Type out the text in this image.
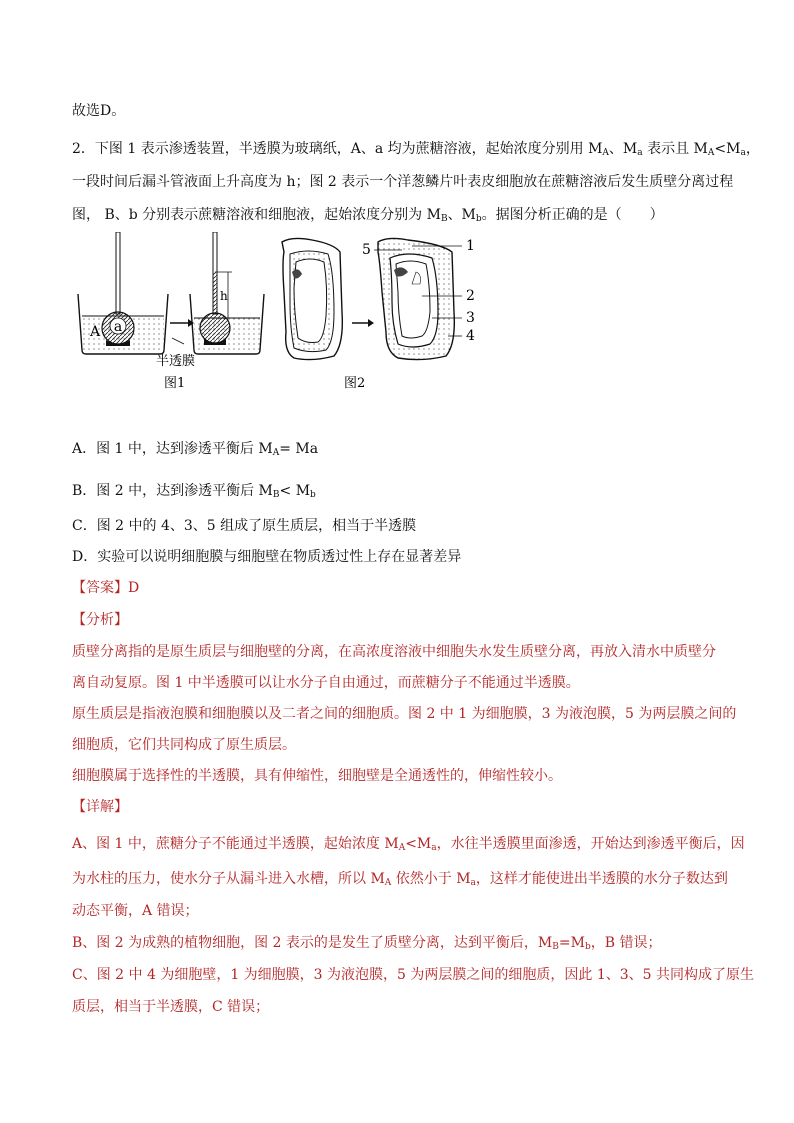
故选D。
2．下图 1 表示渗透装置，半透膜为玻璃纸，A、a 均为蔗糖溶液，起始浓度分别用 $M_A$、$M_a$ 表示且 $M_A<M_a$，
一段时间后漏斗管液面上升高度为 h；图 2 表示一个洋葱鳞片叶表皮细胞放在蔗糖溶液后发生质壁分离过程
图， B、b 分别表示蔗糖溶液和细胞液，起始浓度分别为 $M_B$、$M_b$。据图分析正确的是（　　）
a
A
h
半透膜
图1
5	1
2
3
4
图2
A．图 1 中，达到渗透平衡后 $M_A= Ma$
B．图 2 中，达到渗透平衡后 $M_B< M_b$
C．图 2 中的 4、3、5 组成了原生质层，相当于半透膜
D．实验可以说明细胞膜与细胞壁在物质透过性上存在显著差异
【答案】D
【分析】
质壁分离指的是原生质层与细胞壁的分离，在高浓度溶液中细胞失水发生质壁分离，再放入清水中质壁分
离自动复原。图 1 中半透膜可以让水分子自由通过，而蔗糖分子不能通过半透膜。
原生质层是指液泡膜和细胞膜以及二者之间的细胞质。图 2 中 1 为细胞膜，3 为液泡膜，5 为两层膜之间的
细胞质，它们共同构成了原生质层。
细胞膜属于选择性的半透膜，具有伸缩性，细胞壁是全通透性的，伸缩性较小。
【详解】
A、图 1 中，蔗糖分子不能通过半透膜，起始浓度 $M_A<M_a$，水往半透膜里面渗透，开始达到渗透平衡后，因
为水柱的压力，使水分子从漏斗进入水槽，所以 $M_A$ 依然小于 $M_a$，这样才能使进出半透膜的水分子数达到
动态平衡，A 错误；
B、图 2 为成熟的植物细胞，图 2 表示的是发生了质壁分离，达到平衡后，$M_B=M_b$，B 错误；
C、图 2 中 4 为细胞壁，1 为细胞膜，3 为液泡膜，5 为两层膜之间的细胞质，因此 1、3、5 共同构成了原生
质层，相当于半透膜，C 错误；
